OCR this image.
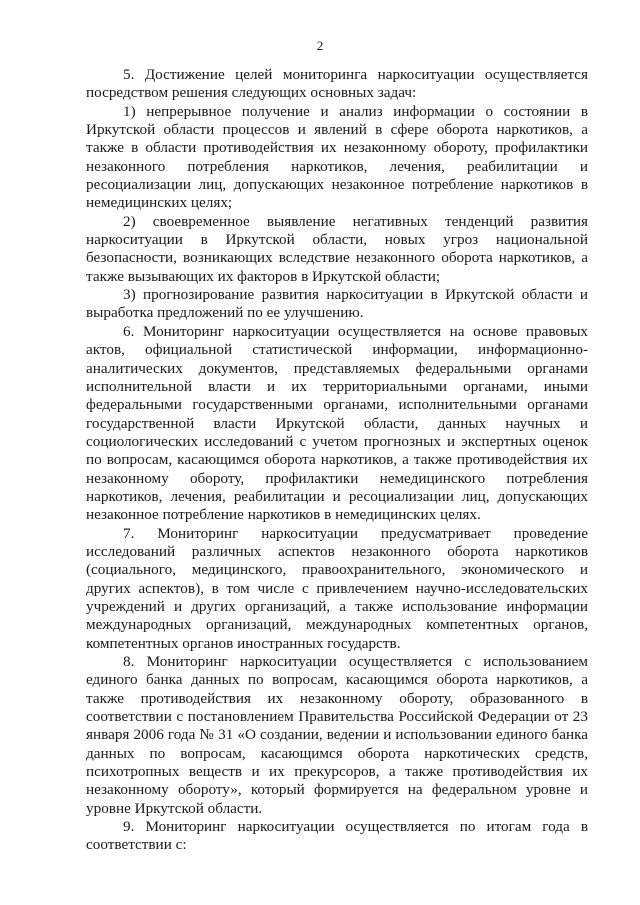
2

5. Достижение целей мониторинга наркоситуации осуществляется посредством решения следующих основных задач:

1) непрерывное получение и анализ информации о состоянии в Иркутской области процессов и явлений в сфере оборота наркотиков, а также в области противодействия их незаконному обороту, профилактики незаконного потребления наркотиков, лечения, реабилитации и ресоциализации лиц, допускающих незаконное потребление наркотиков в немедицинских целях;

2) своевременное выявление негативных тенденций развития наркоситуации в Иркутской области, новых угроз национальной безопасности, возникающих вследствие незаконного оборота наркотиков, а также вызывающих их факторов в Иркутской области;

3) прогнозирование развития наркоситуации в Иркутской области и выработка предложений по ее улучшению.

6. Мониторинг наркоситуации осуществляется на основе правовых актов, официальной статистической информации, информационно-аналитических документов, представляемых федеральными органами исполнительной власти и их территориальными органами, иными федеральными государственными органами, исполнительными органами государственной власти Иркутской области, данных научных и социологических исследований с учетом прогнозных и экспертных оценок по вопросам, касающимся оборота наркотиков, а также противодействия их незаконному обороту, профилактики немедицинского потребления наркотиков, лечения, реабилитации и ресоциализации лиц, допускающих незаконное потребление наркотиков в немедицинских целях.

7. Мониторинг наркоситуации предусматривает проведение исследований различных аспектов незаконного оборота наркотиков (социального, медицинского, правоохранительного, экономического и других аспектов), в том числе с привлечением научно-исследовательских учреждений и других организаций, а также использование информации международных организаций, международных компетентных органов, компетентных органов иностранных государств.

8. Мониторинг наркоситуации осуществляется с использованием единого банка данных по вопросам, касающимся оборота наркотиков, а также противодействия их незаконному обороту, образованного в соответствии с постановлением Правительства Российской Федерации от 23 января 2006 года № 31 «О создании, ведении и использовании единого банка данных по вопросам, касающимся оборота наркотических средств, психотропных веществ и их прекурсоров, а также противодействия их незаконному обороту», который формируется на федеральном уровне и уровне Иркутской области.

9. Мониторинг наркоситуации осуществляется по итогам года в соответствии с:
